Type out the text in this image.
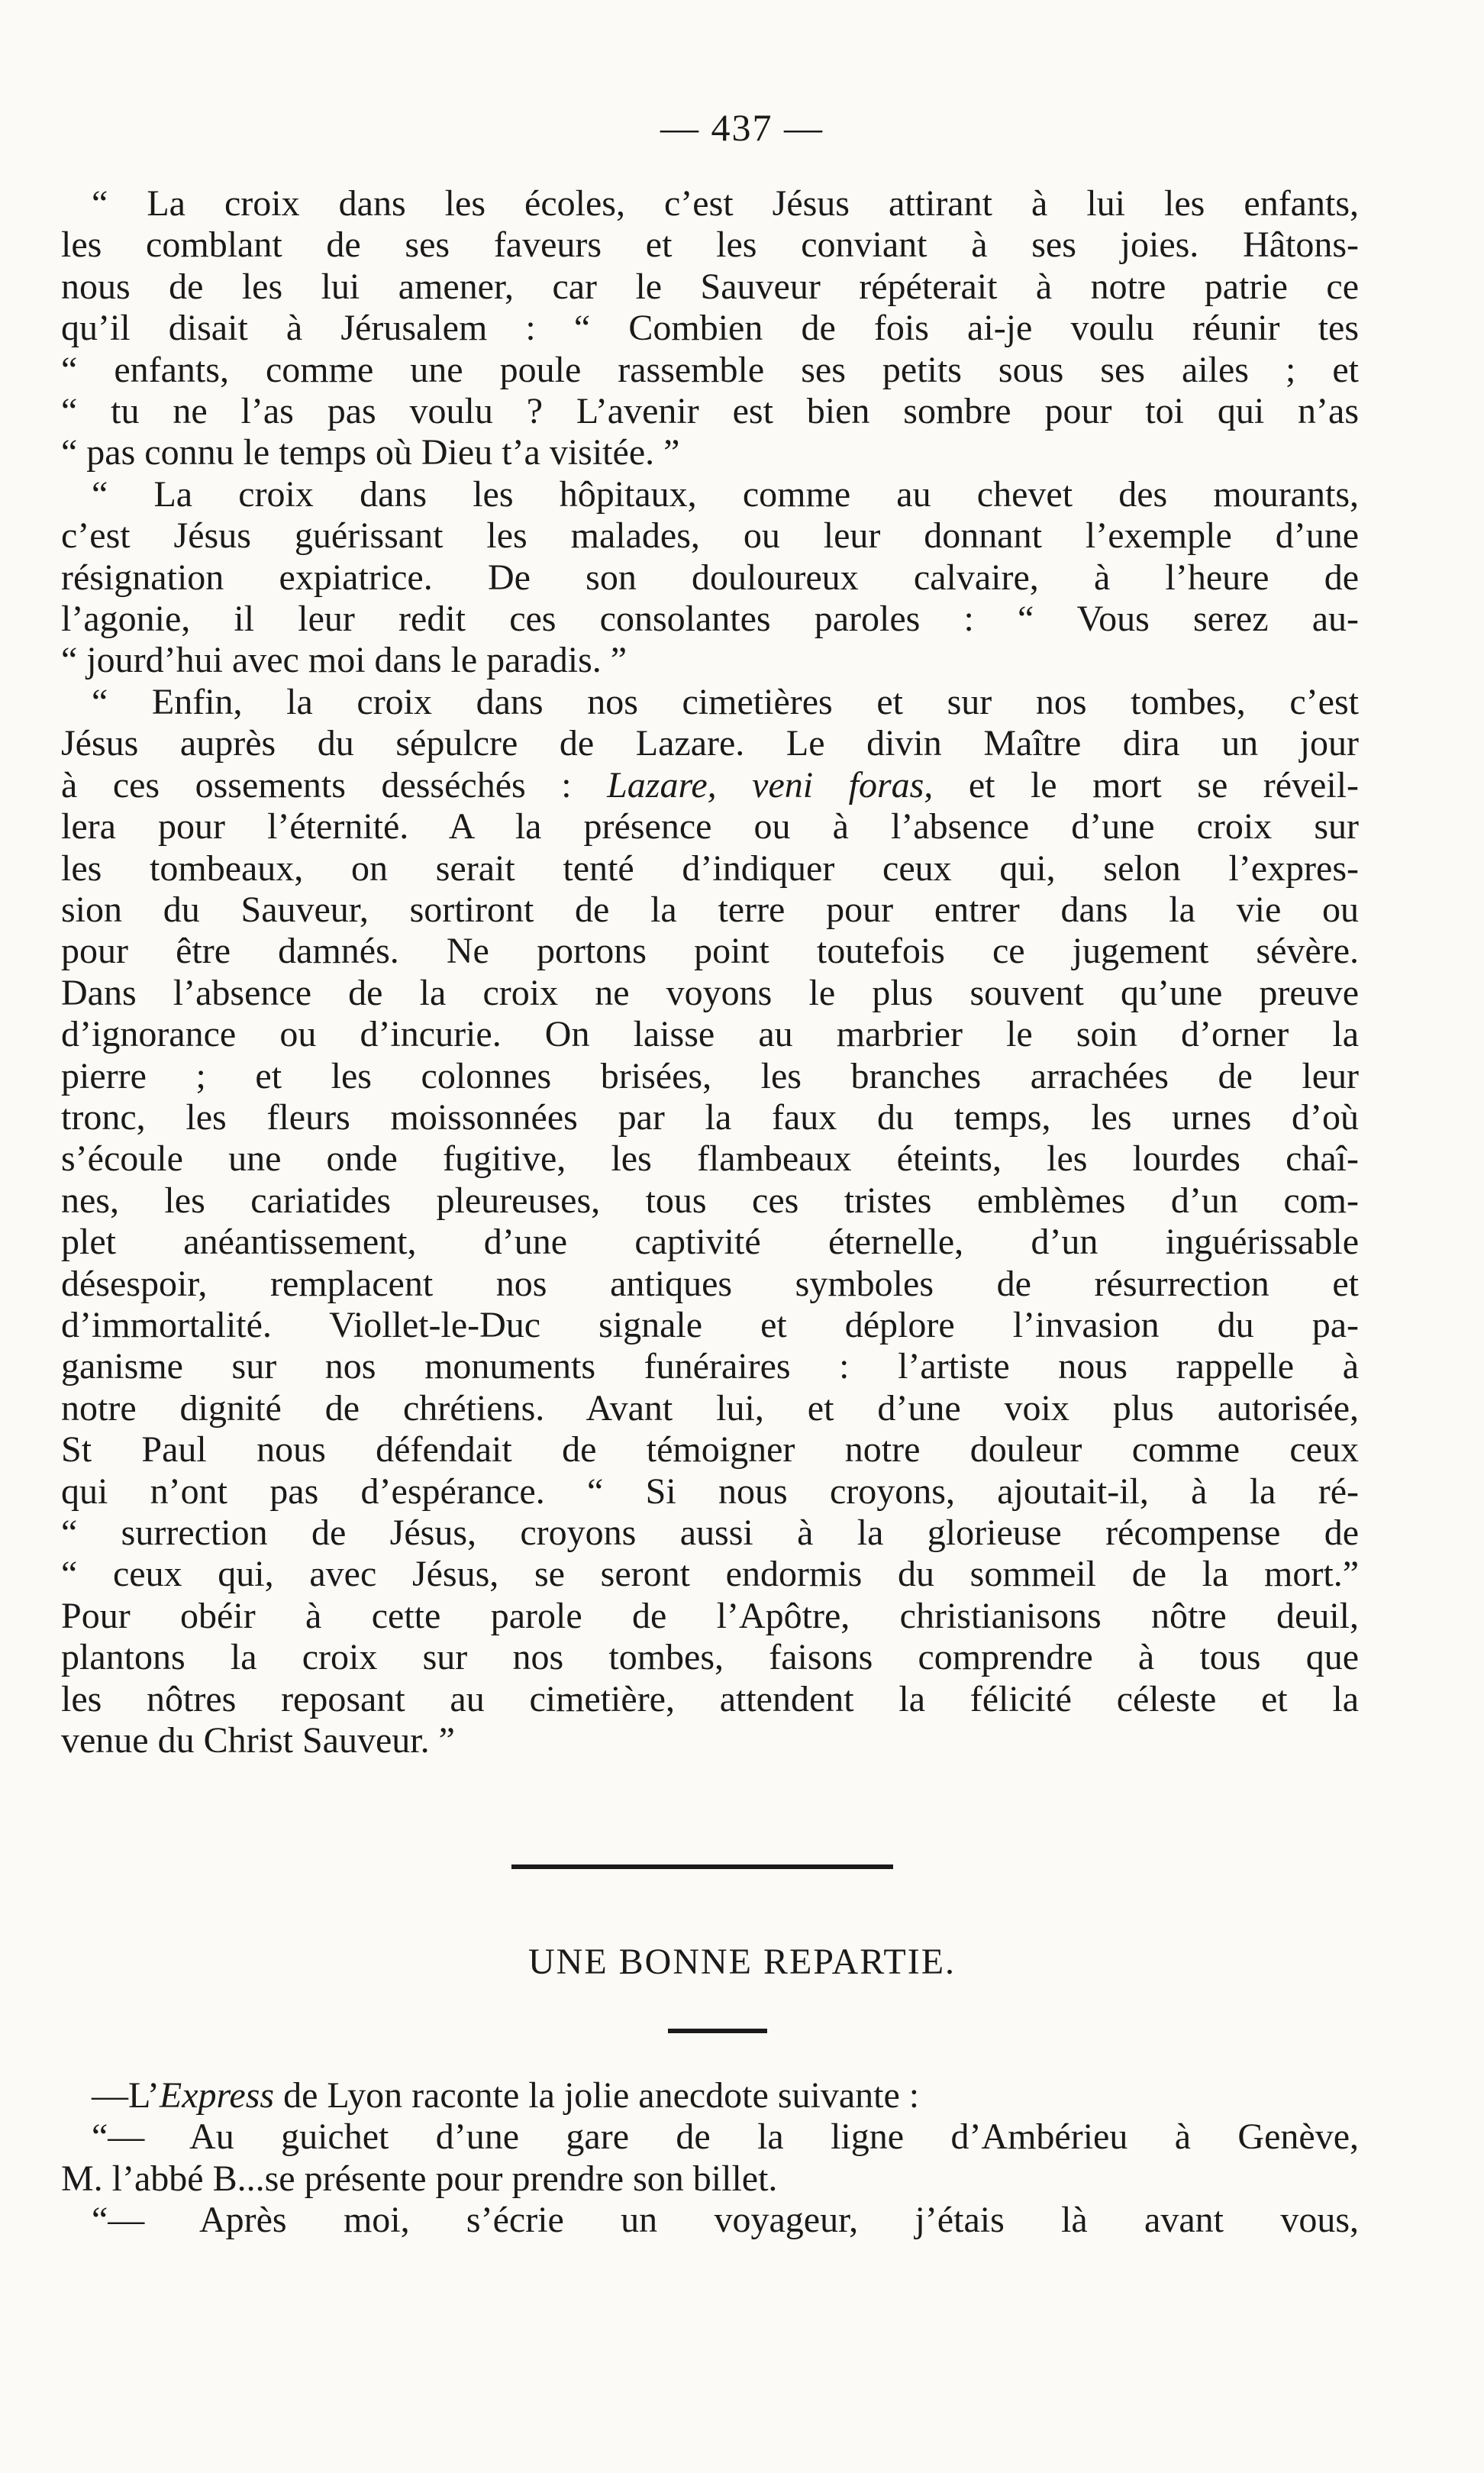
— 437 —
“ La croix dans les écoles, c’est Jésus attirant à lui les enfants,
les comblant de ses faveurs et les conviant à ses joies. Hâtons-
nous de les lui amener, car le Sauveur répéterait à notre patrie ce
qu’il disait à Jérusalem : “ Combien de fois ai-je voulu réunir tes
“ enfants, comme une poule rassemble ses petits sous ses ailes ; et
“ tu ne l’as pas voulu ? L’avenir est bien sombre pour toi qui n’as
“ pas connu le temps où Dieu t’a visitée. ”
“ La croix dans les hôpitaux, comme au chevet des mourants,
c’est Jésus guérissant les malades, ou leur donnant l’exemple d’une
résignation expiatrice. De son douloureux calvaire, à l’heure de
l’agonie, il leur redit ces consolantes paroles : “ Vous serez au-
“ jourd’hui avec moi dans le paradis. ”
“ Enfin, la croix dans nos cimetières et sur nos tombes, c’est
Jésus auprès du sépulcre de Lazare. Le divin Maître dira un jour
à ces ossements desséchés : Lazare, veni foras, et le mort se réveil-
lera pour l’éternité. A la présence ou à l’absence d’une croix sur
les tombeaux, on serait tenté d’indiquer ceux qui, selon l’expres-
sion du Sauveur, sortiront de la terre pour entrer dans la vie ou
pour être damnés. Ne portons point toutefois ce jugement sévère.
Dans l’absence de la croix ne voyons le plus souvent qu’une preuve
d’ignorance ou d’incurie. On laisse au marbrier le soin d’orner la
pierre ; et les colonnes brisées, les branches arrachées de leur
tronc, les fleurs moissonnées par la faux du temps, les urnes d’où
s’écoule une onde fugitive, les flambeaux éteints, les lourdes chaî-
nes, les cariatides pleureuses, tous ces tristes emblèmes d’un com-
plet anéantissement, d’une captivité éternelle, d’un inguérissable
désespoir, remplacent nos antiques symboles de résurrection et
d’immortalité. Viollet-le-Duc signale et déplore l’invasion du pa-
ganisme sur nos monuments funéraires : l’artiste nous rappelle à
notre dignité de chrétiens. Avant lui, et d’une voix plus autorisée,
St Paul nous défendait de témoigner notre douleur comme ceux
qui n’ont pas d’espérance. “ Si nous croyons, ajoutait-il, à la ré-
“ surrection de Jésus, croyons aussi à la glorieuse récompense de
“ ceux qui, avec Jésus, se seront endormis du sommeil de la mort.”
Pour obéir à cette parole de l’Apôtre, christianisons nôtre deuil,
plantons la croix sur nos tombes, faisons comprendre à tous que
les nôtres reposant au cimetière, attendent la félicité céleste et la
venue du Christ Sauveur. ”
UNE BONNE REPARTIE.
—L’Express de Lyon raconte la jolie anecdote suivante :
“— Au guichet d’une gare de la ligne d’Ambérieu à Genève,
M. l’abbé B...se présente pour prendre son billet.
“— Après moi, s’écrie un voyageur, j’étais là avant vous,
